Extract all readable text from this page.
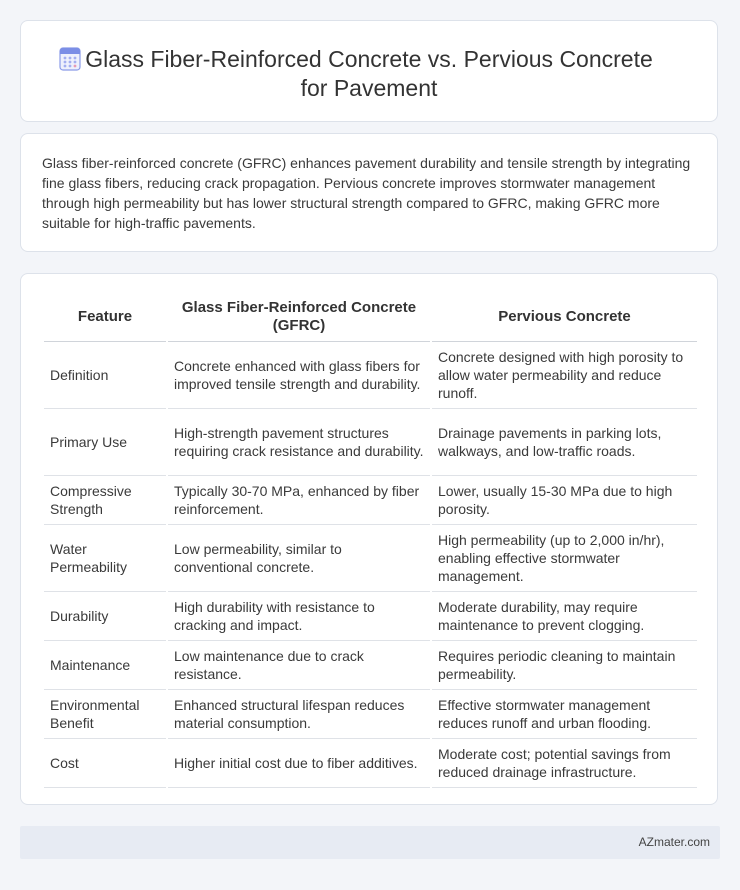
Glass Fiber-Reinforced Concrete vs. Pervious Concrete
for Pavement
Glass fiber-reinforced concrete (GFRC) enhances pavement durability and tensile strength by integrating fine glass fibers, reducing crack propagation. Pervious concrete improves stormwater management through high permeability but has lower structural strength compared to GFRC, making GFRC more suitable for high-traffic pavements.
Feature	Glass Fiber-Reinforced Concrete (GFRC)	Pervious Concrete
Definition	Concrete enhanced with glass fibers for improved tensile strength and durability.	Concrete designed with high porosity to allow water permeability and reduce runoff.
Primary Use	High-strength pavement structures requiring crack resistance and durability.	Drainage pavements in parking lots, walkways, and low-traffic roads.
Compressive Strength	Typically 30-70 MPa, enhanced by fiber reinforcement.	Lower, usually 15-30 MPa due to high porosity.
Water Permeability	Low permeability, similar to conventional concrete.	High permeability (up to 2,000 in/hr), enabling effective stormwater management.
Durability	High durability with resistance to cracking and impact.	Moderate durability, may require maintenance to prevent clogging.
Maintenance	Low maintenance due to crack resistance.	Requires periodic cleaning to maintain permeability.
Environmental Benefit	Enhanced structural lifespan reduces material consumption.	Effective stormwater management reduces runoff and urban flooding.
Cost	Higher initial cost due to fiber additives.	Moderate cost; potential savings from reduced drainage infrastructure.
AZmater.com
